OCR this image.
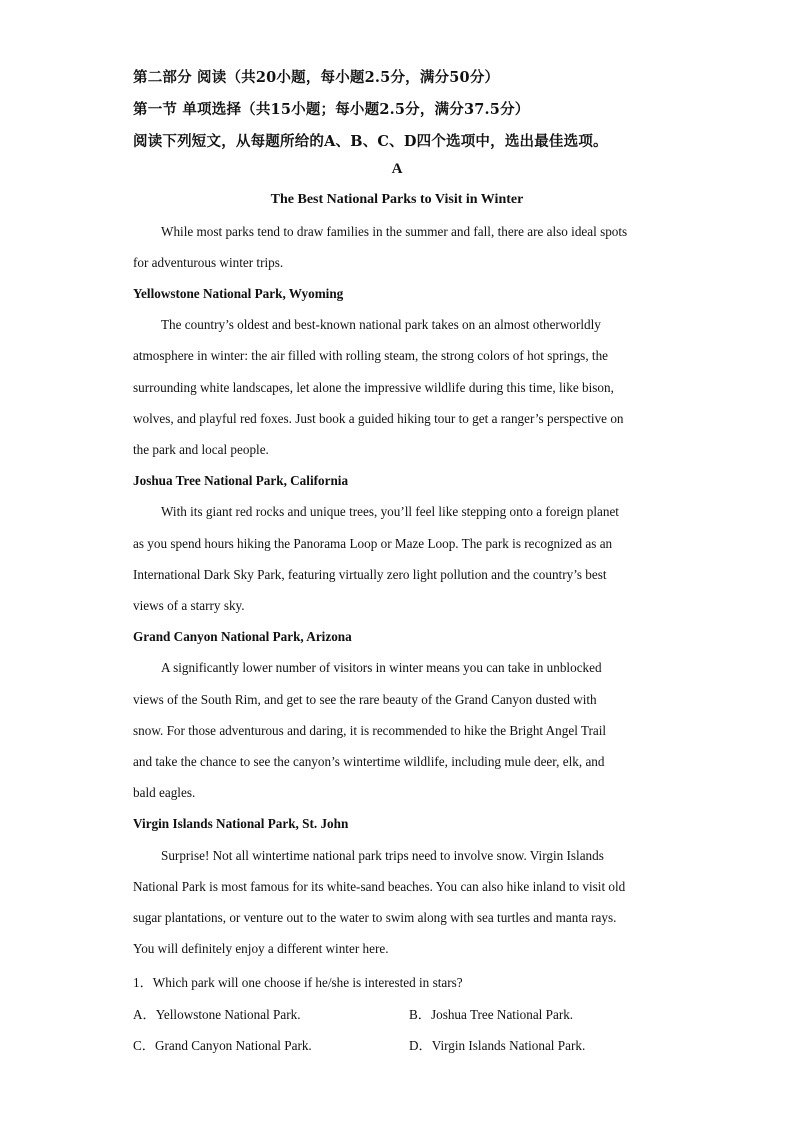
第二部分 阅读（共20小题，每小题2.5分，满分50分）
第一节 单项选择（共15小题；每小题2.5分，满分37.5分）
阅读下列短文，从每题所给的A、B、C、D四个选项中，选出最佳选项。
A
The Best National Parks to Visit in Winter
While most parks tend to draw families in the summer and fall, there are also ideal spots
for adventurous winter trips.
Yellowstone National Park, Wyoming
The country’s oldest and best-known national park takes on an almost otherworldly
atmosphere in winter: the air filled with rolling steam, the strong colors of hot springs, the
surrounding white landscapes, let alone the impressive wildlife during this time, like bison,
wolves, and playful red foxes. Just book a guided hiking tour to get a ranger’s perspective on
the park and local people.
Joshua Tree National Park, California
With its giant red rocks and unique trees, you’ll feel like stepping onto a foreign planet
as you spend hours hiking the Panorama Loop or Maze Loop. The park is recognized as an
International Dark Sky Park, featuring virtually zero light pollution and the country’s best
views of a starry sky.
Grand Canyon National Park, Arizona
A significantly lower number of visitors in winter means you can take in unblocked
views of the South Rim, and get to see the rare beauty of the Grand Canyon dusted with
snow. For those adventurous and daring, it is recommended to hike the Bright Angel Trail
and take the chance to see the canyon’s wintertime wildlife, including mule deer, elk, and
bald eagles.
Virgin Islands National Park, St. John
Surprise! Not all wintertime national park trips need to involve snow. Virgin Islands
National Park is most famous for its white-sand beaches. You can also hike inland to visit old
sugar plantations, or venture out to the water to swim along with sea turtles and manta rays.
You will definitely enjoy a different winter here.
1．Which park will one choose if he/she is interested in stars?
A．Yellowstone National Park.	B．Joshua Tree National Park.
C．Grand Canyon National Park.	D．Virgin Islands National Park.
